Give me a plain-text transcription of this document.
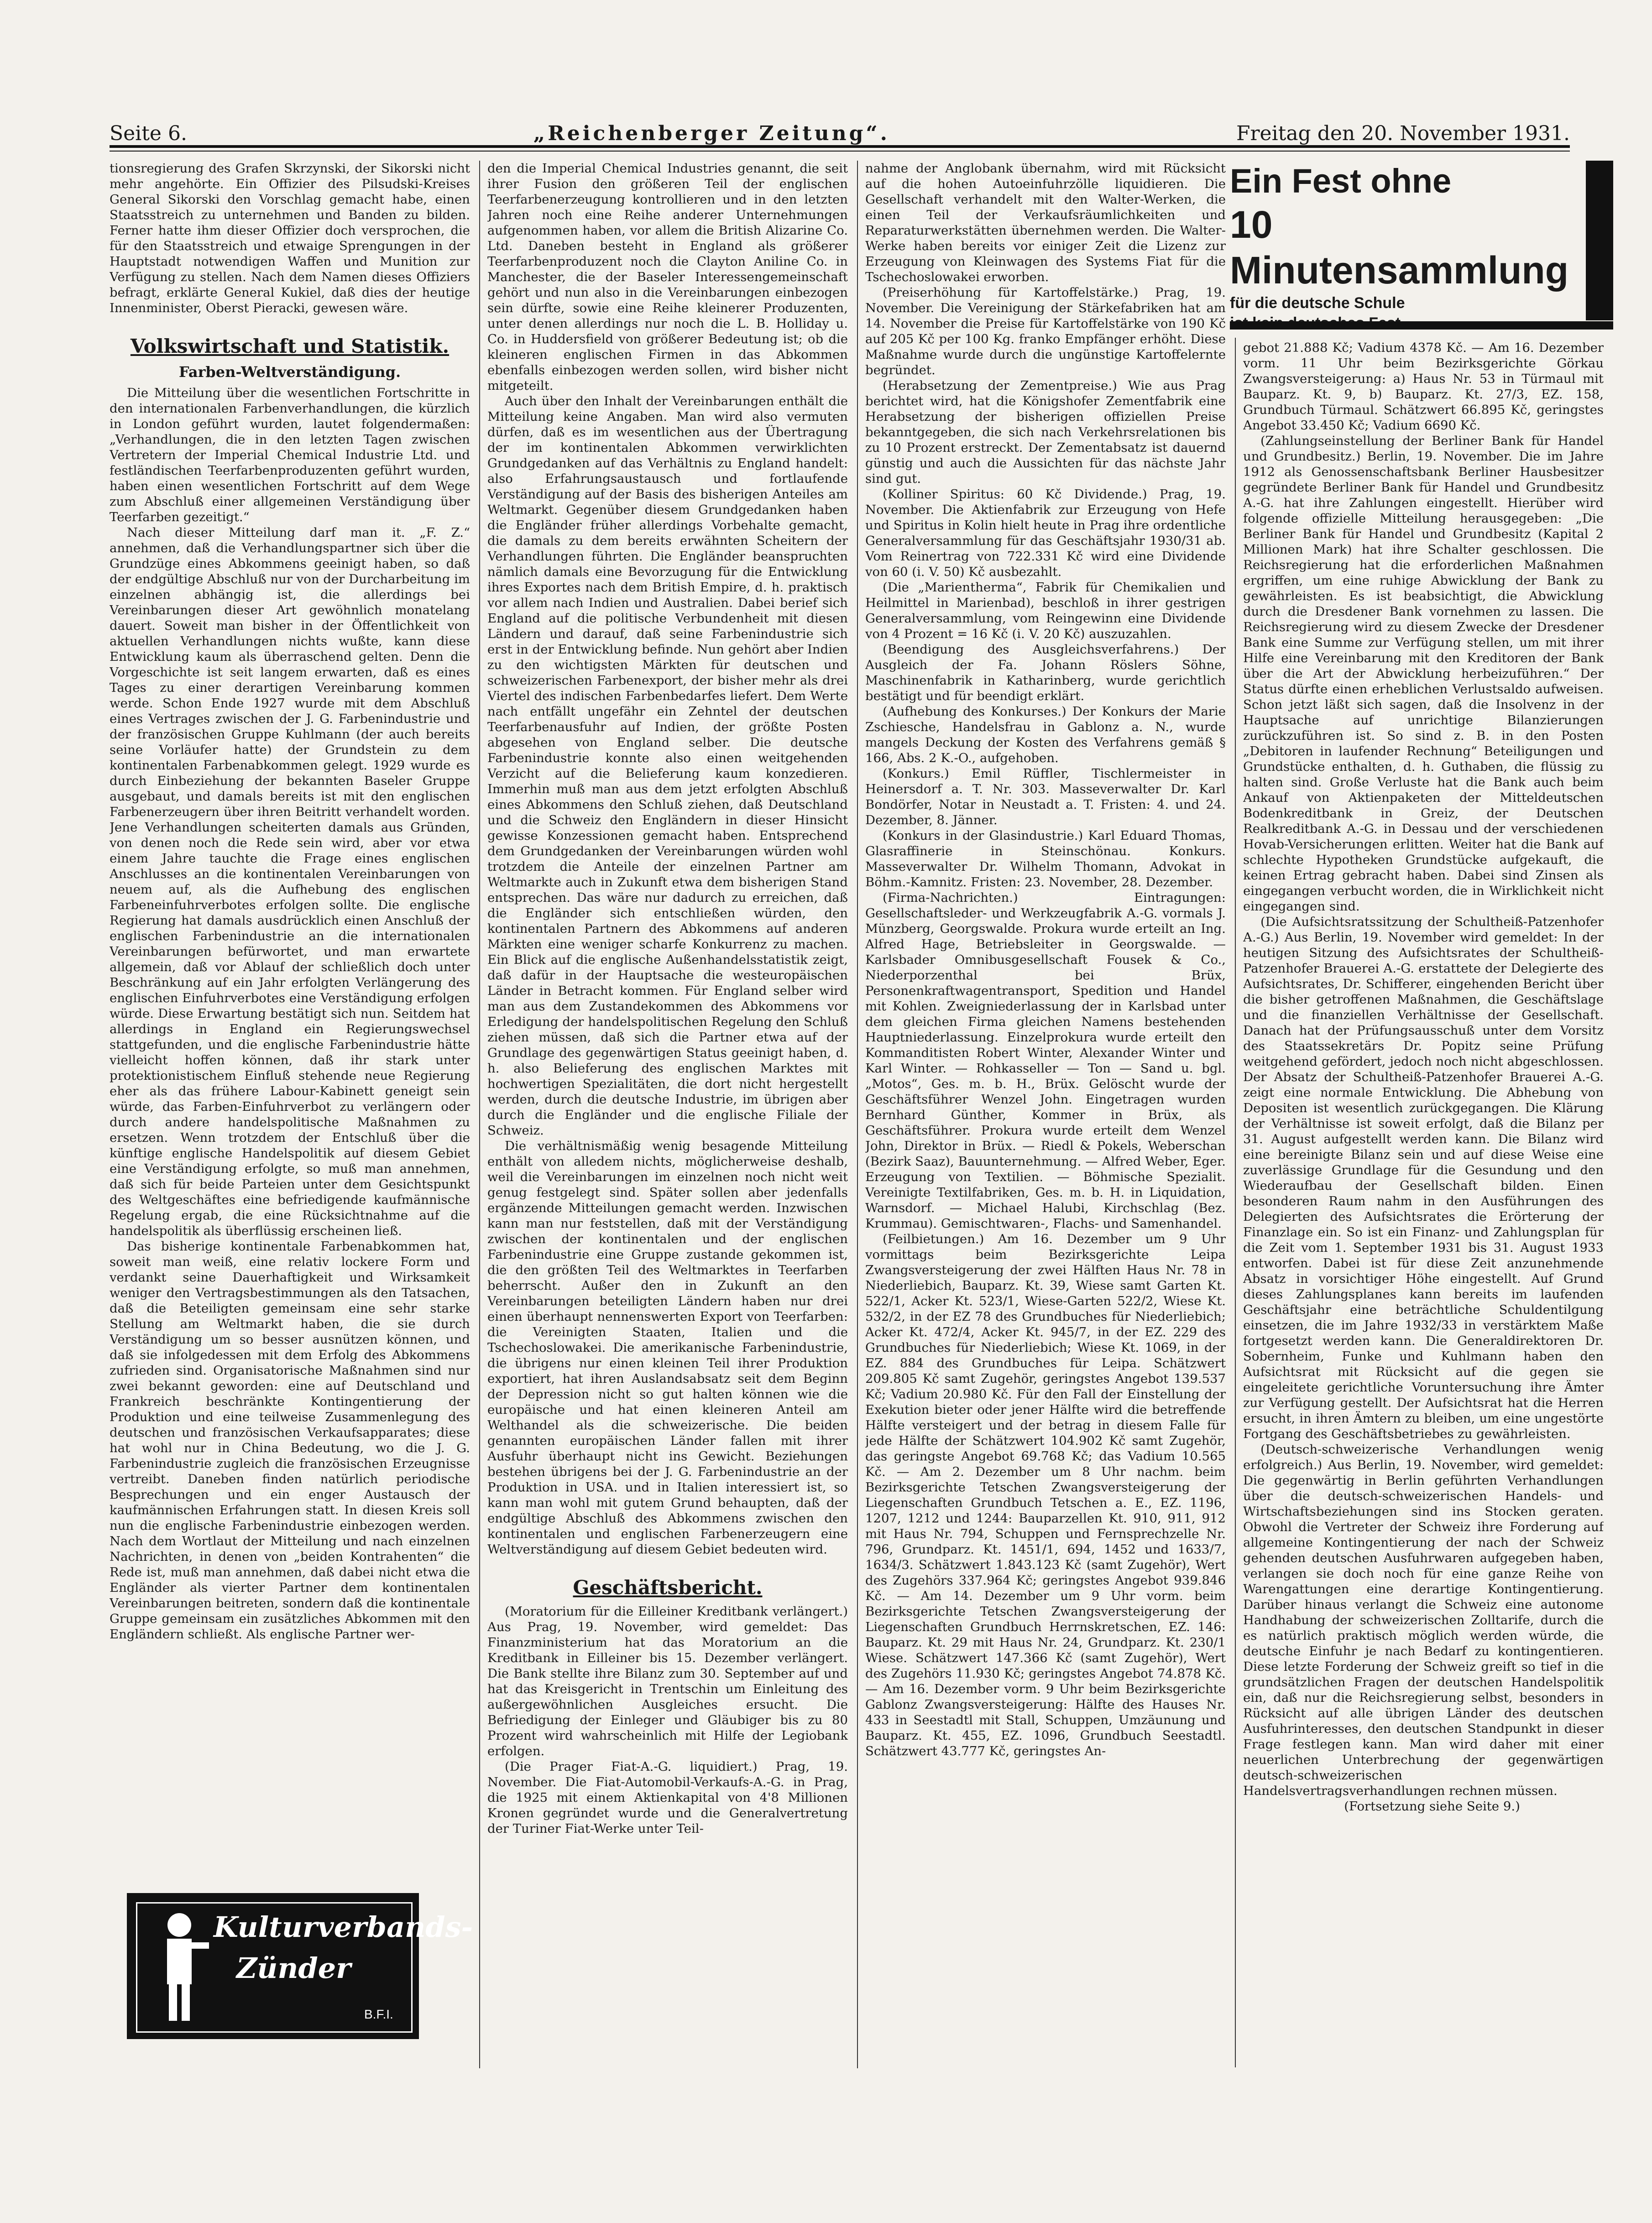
Seite 6.	„Reichenberger Zeitung“.	Freitag den 20. November 1931.

tionsregierung des Grafen Skrzynski, der Sikorski nicht mehr angehörte. Ein Offizier des Pilsudski-Kreises General Sikorski den Vorschlag gemacht habe, einen Staatsstreich zu unternehmen und Banden zu bilden. Ferner hatte ihm dieser Offizier doch versprochen, die für den Staatsstreich und etwaige Sprengungen in der Hauptstadt notwendigen Waffen und Munition zur Verfügung zu stellen. Nach dem Namen dieses Offiziers befragt, erklärte General Kukiel, daß dies der heutige Innenminister, Oberst Pieracki, gewesen wäre.

Volkswirtschaft und Statistik.
Farben-Weltverständigung.

Die Mitteilung über die wesentlichen Fortschritte in den internationalen Farbenverhandlungen, die kürzlich in London geführt wurden, lautet folgendermaßen: „Verhandlungen, die in den letzten Tagen zwischen Vertretern der Imperial Chemical Industrie Ltd. und festländischen Teerfarbenproduzenten geführt wurden, haben einen wesentlichen Fortschritt auf dem Wege zum Abschluß einer allgemeinen Verständigung über Teerfarben gezeitigt.“

Nach dieser Mitteilung darf man it. „F. Z.“ annehmen, daß die Verhandlungspartner sich über die Grundzüge eines Abkommens geeinigt haben, so daß der endgültige Abschluß nur von der Durcharbeitung im einzelnen abhängig ist, die allerdings bei Vereinbarungen dieser Art gewöhnlich monatelang dauert. Soweit man bisher in der Öffentlichkeit von aktuellen Verhandlungen nichts wußte, kann diese Entwicklung kaum als überraschend gelten. Denn die Vorgeschichte ist seit langem erwarten, daß es eines Tages zu einer derartigen Vereinbarung kommen werde. Schon Ende 1927 wurde mit dem Abschluß eines Vertrages zwischen der J. G. Farbenindustrie und der französischen Gruppe Kuhlmann (der auch bereits seine Vorläufer hatte) der Grundstein zu dem kontinentalen Farbenabkommen gelegt. 1929 wurde es durch Einbeziehung der bekannten Baseler Gruppe ausgebaut, und damals bereits ist mit den englischen Farbenerzeugern über ihren Beitritt verhandelt worden. Jene Verhandlungen scheiterten damals aus Gründen, von denen noch die Rede sein wird, aber vor etwa einem Jahre tauchte die Frage eines englischen Anschlusses an die kontinentalen Vereinbarungen von neuem auf, als die Aufhebung des englischen Farbeneinfuhrverbotes erfolgen sollte. Die englische Regierung hat damals ausdrücklich einen Anschluß der englischen Farbenindustrie an die internationalen Vereinbarungen befürwortet, und man erwartete allgemein, daß vor Ablauf der schließlich doch unter Beschränkung auf ein Jahr erfolgten Verlängerung des englischen Einfuhrverbotes eine Verständigung erfolgen würde. Diese Erwartung bestätigt sich nun. Seitdem hat allerdings in England ein Regierungswechsel stattgefunden, und die englische Farbenindustrie hätte vielleicht hoffen können, daß ihr stark unter protektionistischem Einfluß stehende neue Regierung eher als das frühere Labour-Kabinett geneigt sein würde, das Farben-Einfuhrverbot zu verlängern oder durch andere handelspolitische Maßnahmen zu ersetzen. Wenn trotzdem der Entschluß über die künftige englische Handelspolitik auf diesem Gebiet eine Verständigung erfolgte, so muß man annehmen, daß sich für beide Parteien unter dem Gesichtspunkt des Weltgeschäftes eine befriedigende kaufmännische Regelung ergab, die eine Rücksichtnahme auf die handelspolitik als überflüssig erscheinen ließ.

Das bisherige kontinentale Farbenabkommen hat, soweit man weiß, eine relativ lockere Form und verdankt seine Dauerhaftigkeit und Wirksamkeit weniger den Vertragsbestimmungen als den Tatsachen, daß die Beteiligten gemeinsam eine sehr starke Stellung am Weltmarkt haben, die sie durch Verständigung um so besser ausnützen können, und daß sie infolgedessen mit dem Erfolg des Abkommens zufrieden sind. Organisatorische Maßnahmen sind nur zwei bekannt geworden: eine auf Deutschland und Frankreich beschränkte Kontingentierung der Produktion und eine teilweise Zusammenlegung des deutschen und französischen Verkaufsapparates; diese hat wohl nur in China Bedeutung, wo die J. G. Farbenindustrie zugleich die französischen Erzeugnisse vertreibt. Daneben finden natürlich periodische Besprechungen und ein enger Austausch der kaufmännischen Erfahrungen statt. In diesen Kreis soll nun die englische Farbenindustrie einbezogen werden. Nach dem Wortlaut der Mitteilung und nach einzelnen Nachrichten, in denen von „beiden Kontrahenten“ die Rede ist, muß man annehmen, daß dabei nicht etwa die Engländer als vierter Partner dem kontinentalen Vereinbarungen beitreten, sondern daß die kontinentale Gruppe gemeinsam ein zusätzliches Abkommen mit den Engländern schließt. Als englische Partner wer-

den die Imperial Chemical Industries genannt, die seit ihrer Fusion den größeren Teil der englischen Teerfarbenerzeugung kontrollieren und in den letzten Jahren noch eine Reihe anderer Unternehmungen aufgenommen haben, vor allem die British Alizarine Co. Ltd. Daneben besteht in England als größerer Teerfarbenproduzent noch die Clayton Aniline Co. in Manchester, die der Baseler Interessengemeinschaft gehört und nun also in die Vereinbarungen einbezogen sein dürfte, sowie eine Reihe kleinerer Produzenten, unter denen allerdings nur noch die L. B. Holliday u. Co. in Huddersfield von größerer Bedeutung ist; ob die kleineren englischen Firmen in das Abkommen ebenfalls einbezogen werden sollen, wird bisher nicht mitgeteilt.

Auch über den Inhalt der Vereinbarungen enthält die Mitteilung keine Angaben. Man wird also vermuten dürfen, daß es im wesentlichen aus der Übertragung der im kontinentalen Abkommen verwirklichten Grundgedanken auf das Verhältnis zu England handelt: also Erfahrungsaustausch und fortlaufende Verständigung auf der Basis des bisherigen Anteiles am Weltmarkt. Gegenüber diesem Grundgedanken haben die Engländer früher allerdings Vorbehalte gemacht, die damals zu dem bereits erwähnten Scheitern der Verhandlungen führten. Die Engländer beanspruchten nämlich damals eine Bevorzugung für die Entwicklung ihres Exportes nach dem British Empire, d. h. praktisch vor allem nach Indien und Australien. Dabei berief sich England auf die politische Verbundenheit mit diesen Ländern und darauf, daß seine Farbenindustrie sich erst in der Entwicklung befinde. Nun gehört aber Indien zu den wichtigsten Märkten für deutschen und schweizerischen Farbenexport, der bisher mehr als drei Viertel des indischen Farbenbedarfes liefert. Dem Werte nach entfällt ungefähr ein Zehntel der deutschen Teerfarbenausfuhr auf Indien, der größte Posten abgesehen von England selber. Die deutsche Farbenindustrie konnte also einen weitgehenden Verzicht auf die Belieferung kaum konzedieren. Immerhin muß man aus dem jetzt erfolgten Abschluß eines Abkommens den Schluß ziehen, daß Deutschland und die Schweiz den Engländern in dieser Hinsicht gewisse Konzessionen gemacht haben. Entsprechend dem Grundgedanken der Vereinbarungen würden wohl trotzdem die Anteile der einzelnen Partner am Weltmarkte auch in Zukunft etwa dem bisherigen Stand entsprechen. Das wäre nur dadurch zu erreichen, daß die Engländer sich entschließen würden, den kontinentalen Partnern des Abkommens auf anderen Märkten eine weniger scharfe Konkurrenz zu machen. Ein Blick auf die englische Außenhandelsstatistik zeigt, daß dafür in der Hauptsache die westeuropäischen Länder in Betracht kommen. Für England selber wird man aus dem Zustandekommen des Abkommens vor Erledigung der handelspolitischen Regelung den Schluß ziehen müssen, daß sich die Partner etwa auf der Grundlage des gegenwärtigen Status geeinigt haben, d. h. also Belieferung des englischen Marktes mit hochwertigen Spezialitäten, die dort nicht hergestellt werden, durch die deutsche Industrie, im übrigen aber durch die Engländer und die englische Filiale der Schweiz.

Die verhältnismäßig wenig besagende Mitteilung enthält von alledem nichts, möglicherweise deshalb, weil die Vereinbarungen im einzelnen noch nicht weit genug festgelegt sind. Später sollen aber jedenfalls ergänzende Mitteilungen gemacht werden. Inzwischen kann man nur feststellen, daß mit der Verständigung zwischen der kontinentalen und der englischen Farbenindustrie eine Gruppe zustande gekommen ist, die den größten Teil des Weltmarktes in Teerfarben beherrscht. Außer den in Zukunft an den Vereinbarungen beteiligten Ländern haben nur drei einen überhaupt nennenswerten Export von Teerfarben: die Vereinigten Staaten, Italien und die Tschechoslowakei. Die amerikanische Farbenindustrie, die übrigens nur einen kleinen Teil ihrer Produktion exportiert, hat ihren Auslandsabsatz seit dem Beginn der Depression nicht so gut halten können wie die europäische und hat einen kleineren Anteil am Welthandel als die schweizerische. Die beiden genannten europäischen Länder fallen mit ihrer Ausfuhr überhaupt nicht ins Gewicht. Beziehungen bestehen übrigens bei der J. G. Farbenindustrie an der Produktion in USA. und in Italien interessiert ist, so kann man wohl mit gutem Grund behaupten, daß der endgültige Abschluß des Abkommens zwischen den kontinentalen und englischen Farbenerzeugern eine Weltverständigung auf diesem Gebiet bedeuten wird.

Geschäftsbericht.

(Moratorium für die Eilleiner Kreditbank verlängert.) Aus Prag, 19. November, wird gemeldet: Das Finanzministerium hat das Moratorium an die Kreditbank in Eilleiner bis 15. Dezember verlängert. Die Bank stellte ihre Bilanz zum 30. September auf und hat das Kreisgericht in Trentschin um Einleitung des außergewöhnlichen Ausgleiches ersucht. Die Befriedigung der Einleger und Gläubiger bis zu 80 Prozent wird wahrscheinlich mit Hilfe der Legiobank erfolgen.

(Die Prager Fiat-A.-G. liquidiert.) Prag, 19. November. Die Fiat-Automobil-Verkaufs-A.-G. in Prag, die 1925 mit einem Aktienkapital von 4'8 Millionen Kronen gegründet wurde und die Generalvertretung der Turiner Fiat-Werke unter Teil-

nahme der Anglobank übernahm, wird mit Rücksicht auf die hohen Autoeinfuhrzölle liquidieren. Die Gesellschaft verhandelt mit den Walter-Werken, die einen Teil der Verkaufsräumlichkeiten und Reparaturwerkstätten übernehmen werden. Die Walter-Werke haben bereits vor einiger Zeit die Lizenz zur Erzeugung von Kleinwagen des Systems Fiat für die Tschechoslowakei erworben.

(Preiserhöhung für Kartoffelstärke.) Prag, 19. November. Die Vereinigung der Stärkefabriken hat am 14. November die Preise für Kartoffelstärke von 190 Kč auf 205 Kč per 100 Kg. franko Empfänger erhöht. Diese Maßnahme wurde durch die ungünstige Kartoffelernte begründet.

(Herabsetzung der Zementpreise.) Wie aus Prag berichtet wird, hat die Königshofer Zementfabrik eine Herabsetzung der bisherigen offiziellen Preise bekanntgegeben, die sich nach Verkehrsrelationen bis zu 10 Prozent erstreckt. Der Zementabsatz ist dauernd günstig und auch die Aussichten für das nächste Jahr sind gut.

(Kolliner Spiritus: 60 Kč Dividende.) Prag, 19. November. Die Aktienfabrik zur Erzeugung von Hefe und Spiritus in Kolin hielt heute in Prag ihre ordentliche Generalversammlung für das Geschäftsjahr 1930/31 ab. Vom Reinertrag von 722.331 Kč wird eine Dividende von 60 (i. V. 50) Kč ausbezahlt.

(Die „Marientherma“, Fabrik für Chemikalien und Heilmittel in Marienbad), beschloß in ihrer gestrigen Generalversammlung, vom Reingewinn eine Dividende von 4 Prozent = 16 Kč (i. V. 20 Kč) auszuzahlen.

(Beendigung des Ausgleichsverfahrens.) Der Ausgleich der Fa. Johann Röslers Söhne, Maschinenfabrik in Katharinberg, wurde gerichtlich bestätigt und für beendigt erklärt.

(Aufhebung des Konkurses.) Der Konkurs der Marie Zschiesche, Handelsfrau in Gablonz a. N., wurde mangels Deckung der Kosten des Verfahrens gemäß § 166, Abs. 2 K.-O., aufgehoben.

(Konkurs.) Emil Rüffler, Tischlermeister in Heinersdorf a. T. Nr. 303. Masseverwalter Dr. Karl Bondörfer, Notar in Neustadt a. T. Fristen: 4. und 24. Dezember, 8. Jänner.

(Konkurs in der Glasindustrie.) Karl Eduard Thomas, Glasraffinerie in Steinschönau. Konkurs. Masseverwalter Dr. Wilhelm Thomann, Advokat in Böhm.-Kamnitz. Fristen: 23. November, 28. Dezember.

(Firma-Nachrichten.) Eintragungen: Gesellschaftsleder- und Werkzeugfabrik A.-G. vormals J. Münzberg, Georgswalde. Prokura wurde erteilt an Ing. Alfred Hage, Betriebsleiter in Georgswalde. — Karlsbader Omnibusgesellschaft Fousek & Co., Niederporzenthal bei Brüx, Personenkraftwagentransport, Spedition und Handel mit Kohlen. Zweigniederlassung der in Karlsbad unter dem gleichen Firma gleichen Namens bestehenden Hauptniederlassung. Einzelprokura wurde erteilt den Kommanditisten Robert Winter, Alexander Winter und Karl Winter. — Rohkasseller — Ton — Sand u. bgl. „Motos“, Ges. m. b. H., Brüx. Gelöscht wurde der Geschäftsführer Wenzel John. Eingetragen wurden Bernhard Günther, Kommer in Brüx, als Geschäftsführer. Prokura wurde erteilt dem Wenzel John, Direktor in Brüx. — Riedl & Pokels, Weberschan (Bezirk Saaz), Bauunternehmung. — Alfred Weber, Eger. Erzeugung von Textilien. — Böhmische Spezialit. Vereinigte Textilfabriken, Ges. m. b. H. in Liquidation, Warnsdorf. — Michael Halubi, Kirchschlag (Bez. Krummau). Gemischtwaren-, Flachs- und Samenhandel.

(Feilbietungen.) Am 16. Dezember um 9 Uhr vormittags beim Bezirksgerichte Leipa Zwangsversteigerung der zwei Hälften Haus Nr. 78 in Niederliebich, Bauparz. Kt. 39, Wiese samt Garten Kt. 522/1, Acker Kt. 523/1, Wiese-Garten 522/2, Wiese Kt. 532/2, in der EZ 78 des Grundbuches für Niederliebich; Acker Kt. 472/4, Acker Kt. 945/7, in der EZ. 229 des Grundbuches für Niederliebich; Wiese Kt. 1069, in der EZ. 884 des Grundbuches für Leipa. Schätzwert 209.805 Kč samt Zugehör, geringstes Angebot 139.537 Kč; Vadium 20.980 Kč. Für den Fall der Einstellung der Exekution bieter oder jener Hälfte wird die betreffende Hälfte versteigert und der betrag in diesem Falle für jede Hälfte der Schätzwert 104.902 Kč samt Zugehör, das geringste Angebot 69.768 Kč; das Vadium 10.565 Kč. — Am 2. Dezember um 8 Uhr nachm. beim Bezirksgerichte Tetschen Zwangsversteigerung der Liegenschaften Grundbuch Tetschen a. E., EZ. 1196, 1207, 1212 und 1244: Bauparzellen Kt. 910, 911, 912 mit Haus Nr. 794, Schuppen und Fernsprechzelle Nr. 796, Grundparz. Kt. 1451/1, 694, 1452 und 1633/7, 1634/3. Schätzwert 1.843.123 Kč (samt Zugehör), Wert des Zugehörs 337.964 Kč; geringstes Angebot 939.846 Kč. — Am 14. Dezember um 9 Uhr vorm. beim Bezirksgerichte Tetschen Zwangsversteigerung der Liegenschaften Grundbuch Herrnskretschen, EZ. 146: Bauparz. Kt. 29 mit Haus Nr. 24, Grundparz. Kt. 230/1 Wiese. Schätzwert 147.366 Kč (samt Zugehör), Wert des Zugehörs 11.930 Kč; geringstes Angebot 74.878 Kč. — Am 16. Dezember vorm. 9 Uhr beim Bezirksgerichte Gablonz Zwangsversteigerung: Hälfte des Hauses Nr. 433 in Seestadtl mit Stall, Schuppen, Umzäunung und Bauparz. Kt. 455, EZ. 1096, Grundbuch Seestadtl. Schätzwert 43.777 Kč, geringstes An-

Ein Fest ohne
10 Minutensammlung
für die deutsche Schule

gebot 21.888 Kč; Vadium 4378 Kč. — Am 16. Dezember vorm. 11 Uhr beim Bezirksgerichte Görkau Zwangsversteigerung: a) Haus Nr. 53 in Türmaul mit Bauparz. Kt. 9, b) Bauparz. Kt. 27/3, EZ. 158, Grundbuch Türmaul. Schätzwert 66.895 Kč, geringstes Angebot 33.450 Kč; Vadium 6690 Kč.

(Zahlungseinstellung der Berliner Bank für Handel und Grundbesitz.) Berlin, 19. November. Die im Jahre 1912 als Genossenschaftsbank Berliner Hausbesitzer gegründete Berliner Bank für Handel und Grundbesitz A.-G. hat ihre Zahlungen eingestellt. Hierüber wird folgende offizielle Mitteilung herausgegeben: „Die Berliner Bank für Handel und Grundbesitz (Kapital 2 Millionen Mark) hat ihre Schalter geschlossen. Die Reichsregierung hat die erforderlichen Maßnahmen ergriffen, um eine ruhige Abwicklung der Bank zu gewährleisten. Es ist beabsichtigt, die Abwicklung durch die Dresdener Bank vornehmen zu lassen. Die Reichsregierung wird zu diesem Zwecke der Dresdener Bank eine Summe zur Verfügung stellen, um mit ihrer Hilfe eine Vereinbarung mit den Kreditoren der Bank über die Art der Abwicklung herbeizuführen.“ Der Status dürfte einen erheblichen Verlustsaldo aufweisen. Schon jetzt läßt sich sagen, daß die Insolvenz in der Hauptsache auf unrichtige Bilanzierungen zurückzuführen ist. So sind z. B. in den Posten „Debitoren in laufender Rechnung“ Beteiligungen und Grundstücke enthalten, d. h. Guthaben, die flüssig zu halten sind. Große Verluste hat die Bank auch beim Ankauf von Aktienpaketen der Mitteldeutschen Bodenkreditbank in Greiz, der Deutschen Realkreditbank A.-G. in Dessau und der verschiedenen Hovab-Versicherungen erlitten. Weiter hat die Bank auf schlechte Hypotheken Grundstücke aufgekauft, die keinen Ertrag gebracht haben. Dabei sind Zinsen als eingegangen verbucht worden, die in Wirklichkeit nicht eingegangen sind.

(Die Aufsichtsratssitzung der Schultheiß-Patzenhofer A.-G.) Aus Berlin, 19. November wird gemeldet: In der heutigen Sitzung des Aufsichtsrates der Schultheiß-Patzenhofer Brauerei A.-G. erstattete der Delegierte des Aufsichtsrates, Dr. Schifferer, eingehenden Bericht über die bisher getroffenen Maßnahmen, die Geschäftslage und die finanziellen Verhältnisse der Gesellschaft. Danach hat der Prüfungsausschuß unter dem Vorsitz des Staatssekretärs Dr. Popitz seine Prüfung weitgehend gefördert, jedoch noch nicht abgeschlossen. Der Absatz der Schultheiß-Patzenhofer Brauerei A.-G. zeigt eine normale Entwicklung. Die Abhebung von Depositen ist wesentlich zurückgegangen. Die Klärung der Verhältnisse ist soweit erfolgt, daß die Bilanz per 31. August aufgestellt werden kann. Die Bilanz wird eine bereinigte Bilanz sein und auf diese Weise eine zuverlässige Grundlage für die Gesundung und den Wiederaufbau der Gesellschaft bilden. Einen besonderen Raum nahm in den Ausführungen des Delegierten des Aufsichtsrates die Erörterung der Finanzlage ein. So ist ein Finanz- und Zahlungsplan für die Zeit vom 1. September 1931 bis 31. August 1933 entworfen. Dabei ist für diese Zeit anzunehmende Absatz in vorsichtiger Höhe eingestellt. Auf Grund dieses Zahlungsplanes kann bereits im laufenden Geschäftsjahr eine beträchtliche Schuldentilgung einsetzen, die im Jahre 1932/33 in verstärktem Maße fortgesetzt werden kann. Die Generaldirektoren Dr. Sobernheim, Funke und Kuhlmann haben den Aufsichtsrat mit Rücksicht auf die gegen sie eingeleitete gerichtliche Voruntersuchung ihre Ämter zur Verfügung gestellt. Der Aufsichtsrat hat die Herren ersucht, in ihren Ämtern zu bleiben, um eine ungestörte Fortgang des Geschäftsbetriebes zu gewährleisten.

(Deutsch-schweizerische Verhandlungen wenig erfolgreich.) Aus Berlin, 19. November, wird gemeldet: Die gegenwärtig in Berlin geführten Verhandlungen über die deutsch-schweizerischen Handels- und Wirtschaftsbeziehungen sind ins Stocken geraten. Obwohl die Vertreter der Schweiz ihre Forderung auf allgemeine Kontingentierung der nach der Schweiz gehenden deutschen Ausfuhrwaren aufgegeben haben, verlangen sie doch noch für eine ganze Reihe von Warengattungen eine derartige Kontingentierung. Darüber hinaus verlangt die Schweiz eine autonome Handhabung der schweizerischen Zolltarife, durch die es natürlich praktisch möglich werden würde, die deutsche Einfuhr je nach Bedarf zu kontingentieren. Diese letzte Forderung der Schweiz greift so tief in die grundsätzlichen Fragen der deutschen Handelspolitik ein, daß nur die Reichsregierung selbst, besonders in Rücksicht auf alle übrigen Länder des deutschen Ausfuhrinteresses, den deutschen Standpunkt in dieser Frage festlegen kann. Man wird daher mit einer neuerlichen Unterbrechung der gegenwärtigen deutsch-schweizerischen Handelsvertragsverhandlungen rechnen müssen.

(Fortsetzung siehe Seite 9.)

Kulturverbands-
Zünder
B.F.I.
